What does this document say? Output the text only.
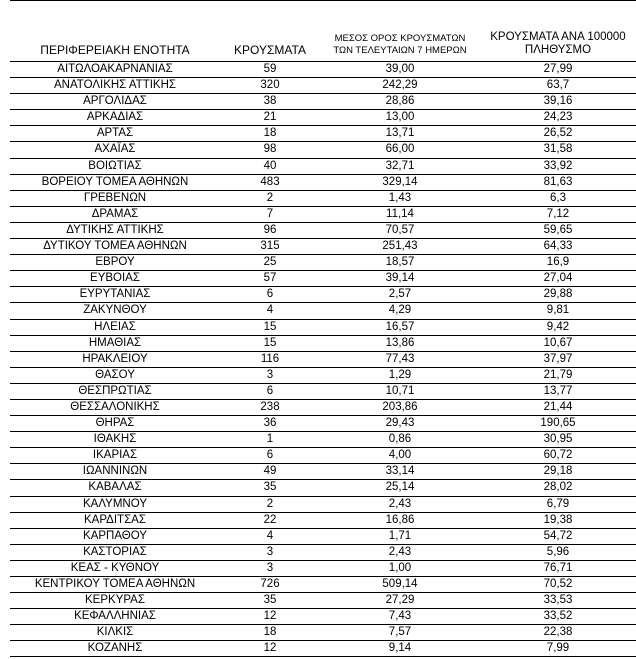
ΠΕΡΙΦΕΡΕΙΑΚΗ ΕΝΟΤΗΤΑ	ΚΡΟΥΣΜΑΤΑ
ΜΕΣΟΣ ΟΡΟΣ ΚΡΟΥΣΜΑΤΩΝ
ΤΩΝ ΤΕΛΕΥΤΑΙΩΝ 7 ΗΜΕΡΩΝ
ΚΡΟΥΣΜΑΤΑ ΑΝΑ 100000
ΠΛΗΘΥΣΜΟ
ΑΙΤΩΛΟΑΚΑΡΝΑΝΙΑΣ	59	39,00	27,99
ΑΝΑΤΟΛΙΚΗΣ ΑΤΤΙΚΗΣ	320	242,29	63,7
ΑΡΓΟΛΙΔΑΣ	38	28,86	39,16
ΑΡΚΑΔΙΑΣ	21	13,00	24,23
ΑΡΤΑΣ	18	13,71	26,52
ΑΧΑΪΑΣ	98	66,00	31,58
ΒΟΙΩΤΙΑΣ	40	32,71	33,92
ΒΟΡΕΙΟΥ ΤΟΜΕΑ ΑΘΗΝΩΝ	483	329,14	81,63
ΓΡΕΒΕΝΩΝ	2	1,43	6,3
ΔΡΑΜΑΣ	7	11,14	7,12
ΔΥΤΙΚΗΣ ΑΤΤΙΚΗΣ	96	70,57	59,65
ΔΥΤΙΚΟΥ ΤΟΜΕΑ ΑΘΗΝΩΝ	315	251,43	64,33
ΕΒΡΟΥ	25	18,57	16,9
ΕΥΒΟΙΑΣ	57	39,14	27,04
ΕΥΡΥΤΑΝΙΑΣ	6	2,57	29,88
ΖΑΚΥΝΘΟΥ	4	4,29	9,81
ΗΛΕΙΑΣ	15	16,57	9,42
ΗΜΑΘΙΑΣ	15	13,86	10,67
ΗΡΑΚΛΕΙΟΥ	116	77,43	37,97
ΘΑΣΟΥ	3	1,29	21,79
ΘΕΣΠΡΩΤΙΑΣ	6	10,71	13,77
ΘΕΣΣΑΛΟΝΙΚΗΣ	238	203,86	21,44
ΘΗΡΑΣ	36	29,43	190,65
ΙΘΑΚΗΣ	1	0,86	30,95
ΙΚΑΡΙΑΣ	6	4,00	60,72
ΙΩΑΝΝΙΝΩΝ	49	33,14	29,18
ΚΑΒΑΛΑΣ	35	25,14	28,02
ΚΑΛΥΜΝΟΥ	2	2,43	6,79
ΚΑΡΔΙΤΣΑΣ	22	16,86	19,38
ΚΑΡΠΑΘΟΥ	4	1,71	54,72
ΚΑΣΤΟΡΙΑΣ	3	2,43	5,96
ΚΕΑΣ - ΚΥΘΝΟΥ	3	1,00	76,71
ΚΕΝΤΡΙΚΟΥ ΤΟΜΕΑ ΑΘΗΝΩΝ	726	509,14	70,52
ΚΕΡΚΥΡΑΣ	35	27,29	33,53
ΚΕΦΑΛΛΗΝΙΑΣ	12	7,43	33,52
ΚΙΛΚΙΣ	18	7,57	22,38
ΚΟΖΑΝΗΣ	12	9,14	7,99
